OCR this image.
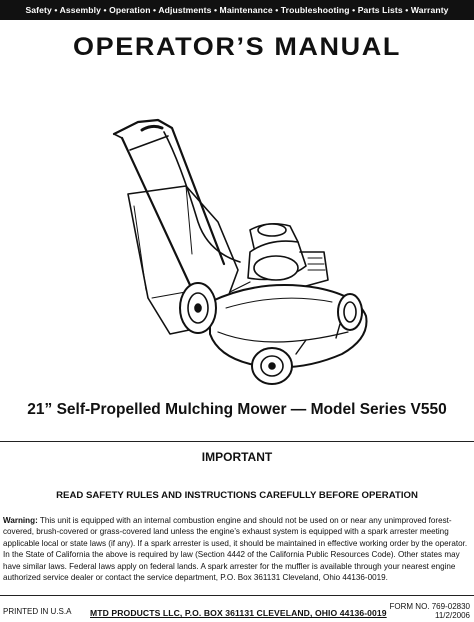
Safety • Assembly • Operation • Adjustments • Maintenance • Troubleshooting • Parts Lists • Warranty
OPERATOR’S MANUAL
21” Self-Propelled Mulching Mower — Model Series V550
IMPORTANT
READ SAFETY RULES AND INSTRUCTIONS CAREFULLY BEFORE OPERATION
Warning: This unit is equipped with an internal combustion engine and should not be used on or near any unimproved forest-covered, brush-covered or grass-covered land unless the engine’s exhaust system is equipped with a spark arrester meeting applicable local or state laws (if any). If a spark arrester is used, it should be maintained in effective working order by the operator. In the State of California the above is required by law (Section 4442 of the California Public Resources Code). Other states may have similar laws. Federal laws apply on federal lands. A spark arrester for the muffler is available through your nearest engine authorized service dealer or contact the service department, P.O. Box 361131 Cleveland, Ohio 44136-0019.
FORM NO. 769-02830
PRINTED IN U.S.A MTD PRODUCTS LLC, P.O. BOX 361131 CLEVELAND, OHIO 44136-0019	11/2/2006
